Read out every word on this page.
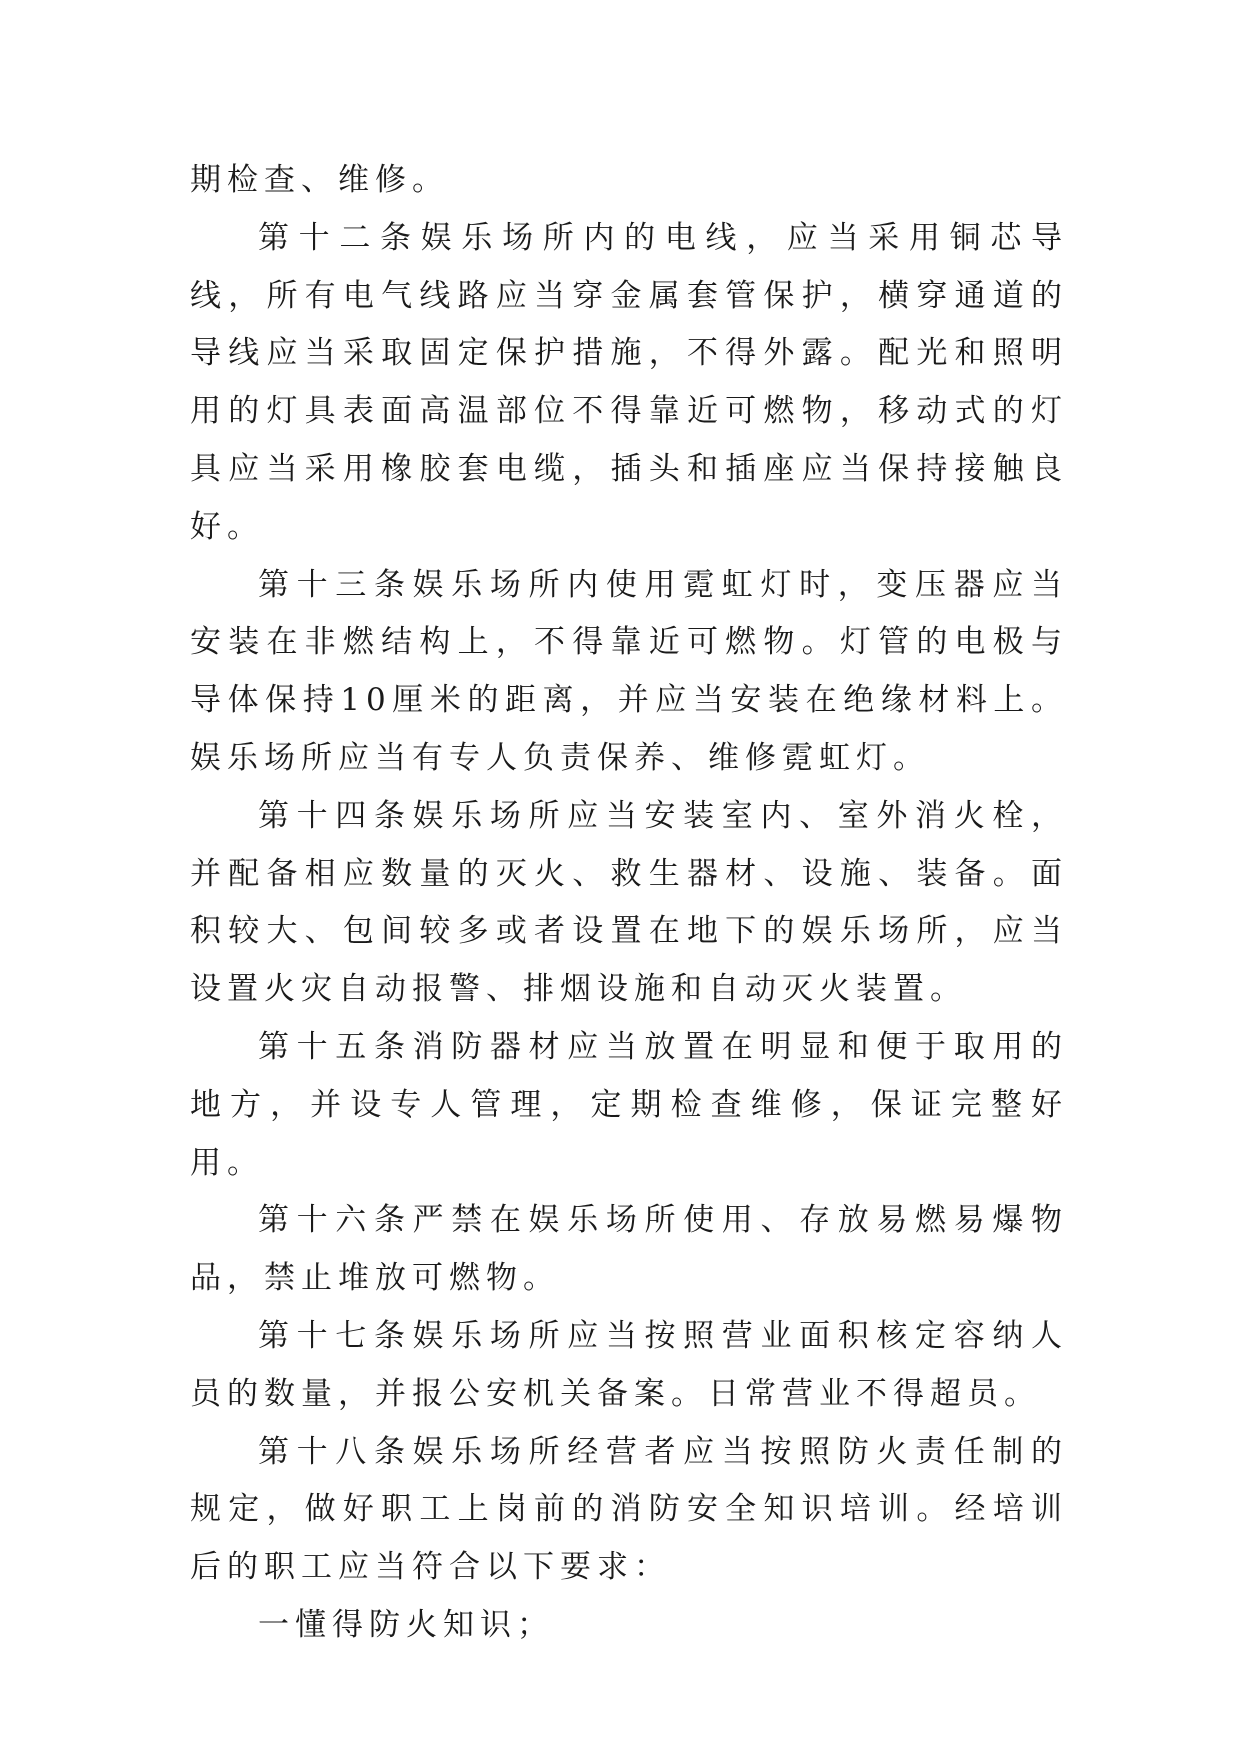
期检查、维修。

第十二条娱乐场所内的电线，应当采用铜芯导线，所有电气线路应当穿金属套管保护，横穿通道的导线应当采取固定保护措施，不得外露。配光和照明用的灯具表面高温部位不得靠近可燃物，移动式的灯具应当采用橡胶套电缆，插头和插座应当保持接触良好。

第十三条娱乐场所内使用霓虹灯时，变压器应当安装在非燃结构上，不得靠近可燃物。灯管的电极与导体保持10厘米的距离，并应当安装在绝缘材料上。娱乐场所应当有专人负责保养、维修霓虹灯。

第十四条娱乐场所应当安装室内、室外消火栓，并配备相应数量的灭火、救生器材、设施、装备。面积较大、包间较多或者设置在地下的娱乐场所，应当设置火灾自动报警、排烟设施和自动灭火装置。

第十五条消防器材应当放置在明显和便于取用的地方，并设专人管理，定期检查维修，保证完整好用。

第十六条严禁在娱乐场所使用、存放易燃易爆物品，禁止堆放可燃物。

第十七条娱乐场所应当按照营业面积核定容纳人员的数量，并报公安机关备案。日常营业不得超员。

第十八条娱乐场所经营者应当按照防火责任制的规定，做好职工上岗前的消防安全知识培训。经培训后的职工应当符合以下要求：

一懂得防火知识；
